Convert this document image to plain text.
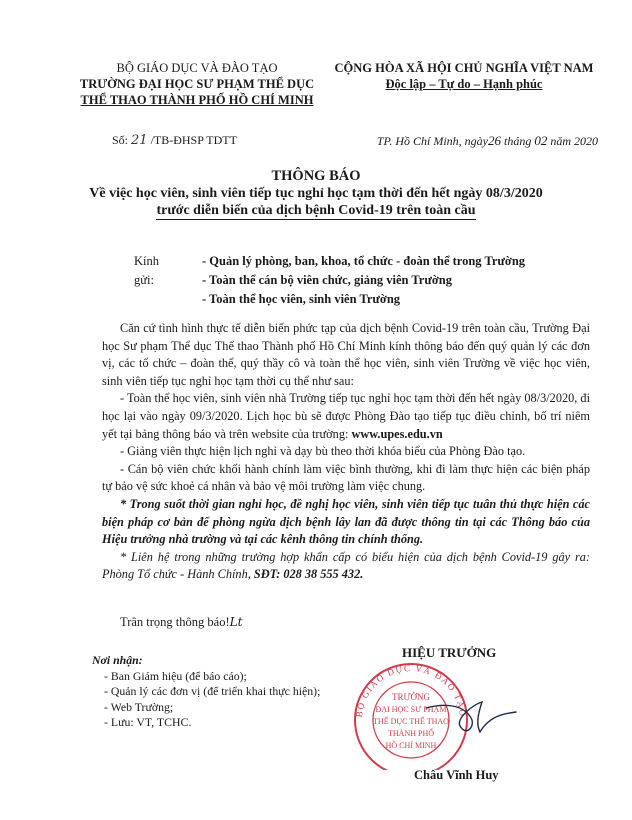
BỘ GIÁO DỤC VÀ ĐÀO TẠO
TRƯỜNG ĐẠI HỌC SƯ PHẠM THỂ DỤC
THỂ THAO THÀNH PHỐ HỒ CHÍ MINH
CỘNG HÒA XÃ HỘI CHỦ NGHĨA VIỆT NAM
Độc lập – Tự do – Hạnh phúc
Số: 21 /TB-ĐHSP TDTT	TP. Hồ Chí Minh, ngày26 tháng 02 năm 2020
THÔNG BÁO
Về việc học viên, sinh viên tiếp tục nghỉ học tạm thời đến hết ngày 08/3/2020
trước diễn biến của dịch bệnh Covid-19 trên toàn cầu
Kính gửi:
- Quản lý phòng, ban, khoa, tổ chức - đoàn thể trong Trường
- Toàn thể cán bộ viên chức, giảng viên Trường
- Toàn thể học viên, sinh viên Trường

Căn cứ tình hình thực tế diễn biến phức tạp của dịch bệnh Covid-19 trên toàn cầu, Trường Đại học Sư phạm Thể dục Thể thao Thành phố Hồ Chí Minh kính thông báo đến quý quản lý các đơn vị, các tổ chức – đoàn thể, quý thầy cô và toàn thể học viên, sinh viên Trường về việc học viên, sinh viên tiếp tục nghỉ học tạm thời cụ thể như sau:

- Toàn thể học viên, sinh viên nhà Trường tiếp tục nghỉ học tạm thời đến hết ngày 08/3/2020, đi học lại vào ngày 09/3/2020. Lịch học bù sẽ được Phòng Đào tạo tiếp tục điều chỉnh, bố trí niêm yết tại bảng thông báo và trên website của trường: www.upes.edu.vn

- Giảng viên thực hiện lịch nghỉ và dạy bù theo thời khóa biểu của Phòng Đào tạo.

- Cán bộ viên chức khối hành chính làm việc bình thường, khi đi làm thực hiện các biện pháp tự bảo vệ sức khoẻ cá nhân và bảo vệ môi trường làm việc chung.

* Trong suốt thời gian nghỉ học, đề nghị học viên, sinh viên tiếp tục tuân thủ thực hiện các biện pháp cơ bản để phòng ngừa dịch bệnh lây lan đã được thông tin tại các Thông báo của Hiệu trưởng nhà trường và tại các kênh thông tin chính thống.

* Liên hệ trong những trường hợp khẩn cấp có biểu hiện của dịch bệnh Covid-19 gây ra: Phòng Tổ chức - Hành Chính, SĐT: 028 38 555 432.

Trân trọng thông báo!Lt
Nơi nhận:
- Ban Giám hiệu (để báo cáo);
- Quản lý các đơn vị (để triển khai thực hiện);
- Web Trường;
- Lưu: VT, TCHC.
HIỆU TRƯỞNG
BỘ GIÁO DỤC VÀ ĐÀO TẠO
TRƯỜNG
ĐẠI HỌC SƯ PHẠM
THỂ DỤC THỂ THAO
THÀNH PHỐ
HỒ CHÍ MINH
Châu Vĩnh Huy
